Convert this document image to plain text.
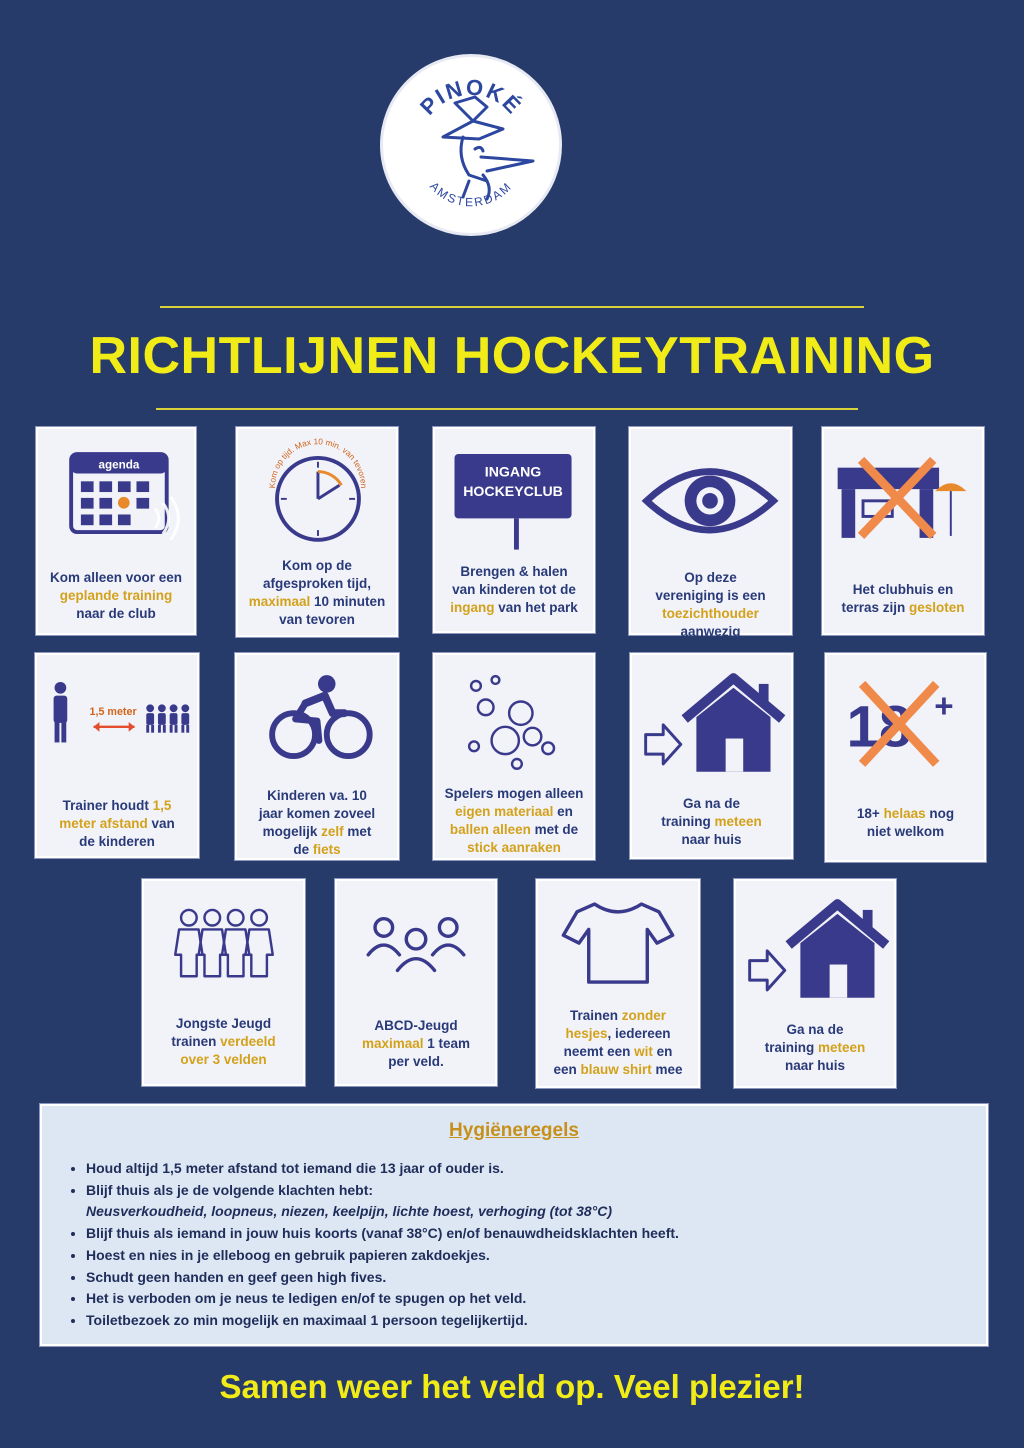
PINOKÉ
AMSTERDAM
RICHTLIJNEN HOCKEYTRAINING
agenda
Kom alleen voor een
geplande training
naar de club
Kom op tijd. Max 10 min. van tevoren
Kom op de
afgesproken tijd,
maximaal 10 minuten
van tevoren
INGANG HOCKEYCLUB
Brengen & halen
van kinderen tot de
ingang van het park
Op deze
vereniging is een
toezichthouder
aanwezig
Het clubhuis en
terras zijn gesloten
1,5 meter
Trainer houdt 1,5
meter afstand van
de kinderen
Kinderen va. 10
jaar komen zoveel
mogelijk zelf met
de fiets
Spelers mogen alleen
eigen materiaal en
ballen alleen met de
stick aanraken
Ga na de
training meteen
naar huis
18 +
18+ helaas nog
niet welkom
Jongste Jeugd
trainen verdeeld
over 3 velden
ABCD-Jeugd
maximaal 1 team
per veld.
Trainen zonder
hesjes, iedereen
neemt een wit en
een blauw shirt mee
Ga na de
training meteen
naar huis
Hygiëneregels
• Houd altijd 1,5 meter afstand tot iemand die 13 jaar of ouder is.
• Blijf thuis als je de volgende klachten hebt:
Neusverkoudheid, loopneus, niezen, keelpijn, lichte hoest, verhoging (tot 38°C)
• Blijf thuis als iemand in jouw huis koorts (vanaf 38°C) en/of benauwdheidsklachten heeft.
• Hoest en nies in je elleboog en gebruik papieren zakdoekjes.
• Schudt geen handen en geef geen high fives.
• Het is verboden om je neus te ledigen en/of te spugen op het veld.
• Toiletbezoek zo min mogelijk en maximaal 1 persoon tegelijkertijd.

Samen weer het veld op. Veel plezier!
